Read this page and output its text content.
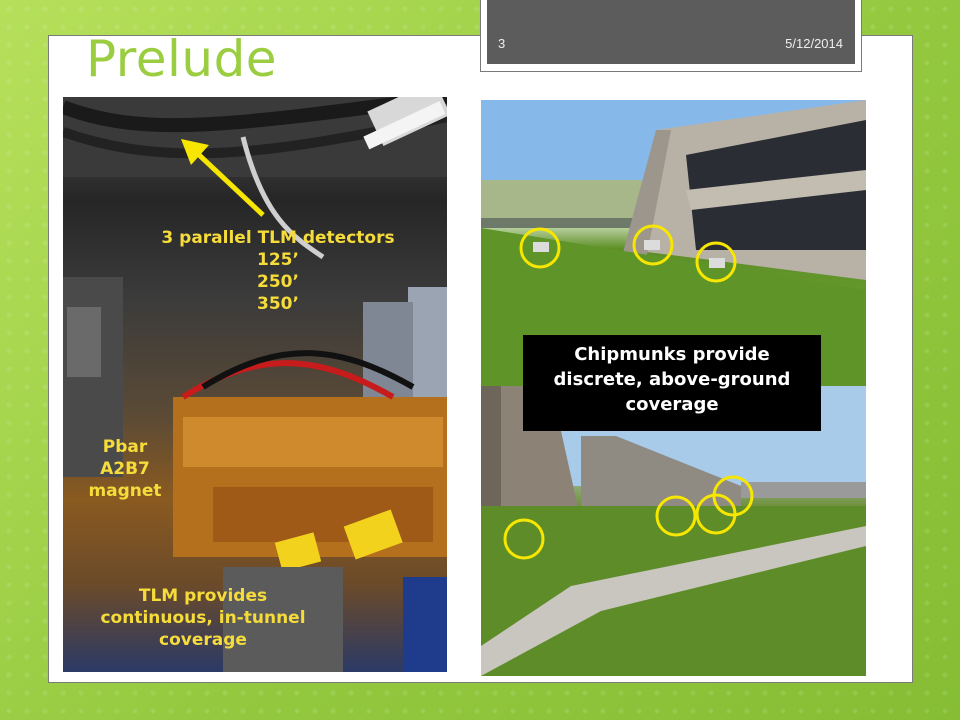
3	5/12/2014
Prelude
3 parallel TLM detectors
125’
250’
350’
Pbar
A2B7
magnet
TLM provides
continuous, in-tunnel
coverage
Chipmunks provide
discrete, above-ground
coverage
